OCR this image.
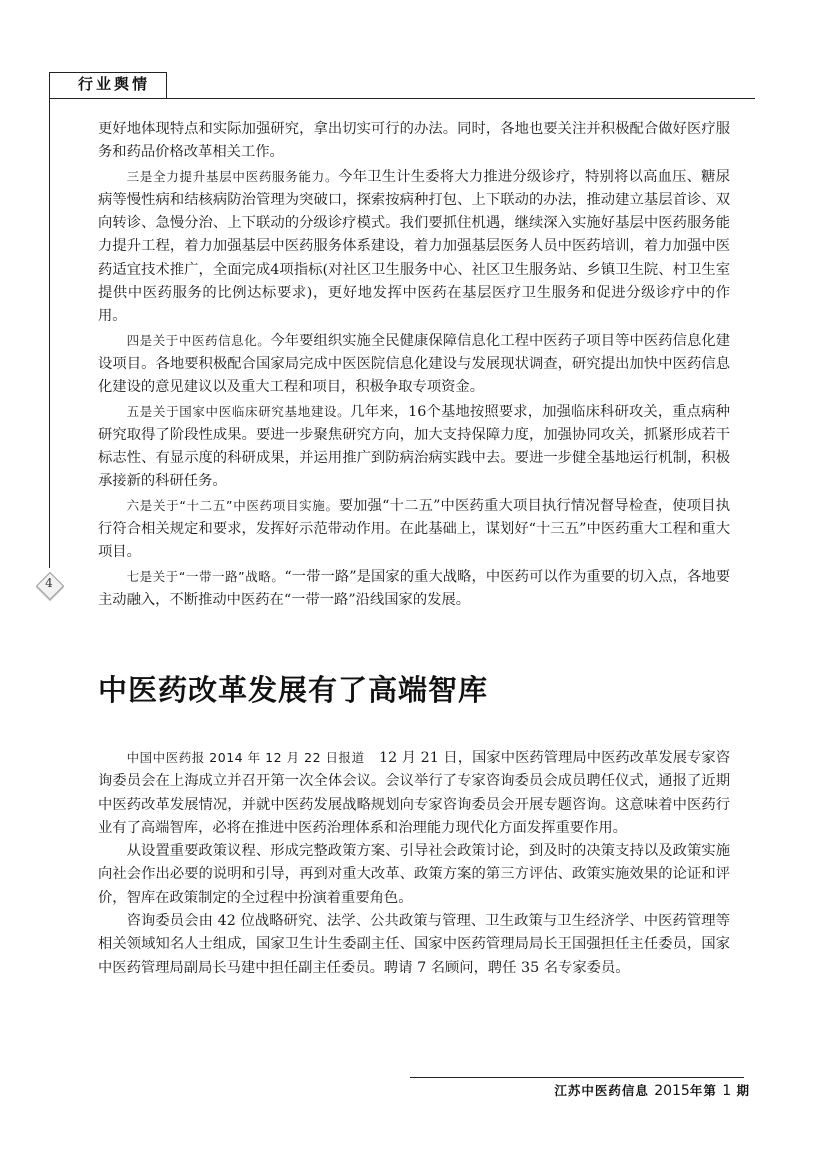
行业舆情
4

更好地体现特点和实际加强研究，拿出切实可行的办法。同时，各地也要关注并积极配合做好医疗服务和药品价格改革相关工作。

三是全力提升基层中医药服务能力。今年卫生计生委将大力推进分级诊疗，特别将以高血压、糖尿病等慢性病和结核病防治管理为突破口，探索按病种打包、上下联动的办法，推动建立基层首诊、双向转诊、急慢分治、上下联动的分级诊疗模式。我们要抓住机遇，继续深入实施好基层中医药服务能力提升工程，着力加强基层中医药服务体系建设，着力加强基层医务人员中医药培训，着力加强中医药适宜技术推广，全面完成4项指标(对社区卫生服务中心、社区卫生服务站、乡镇卫生院、村卫生室提供中医药服务的比例达标要求)，更好地发挥中医药在基层医疗卫生服务和促进分级诊疗中的作用。

四是关于中医药信息化。今年要组织实施全民健康保障信息化工程中医药子项目等中医药信息化建设项目。各地要积极配合国家局完成中医医院信息化建设与发展现状调查，研究提出加快中医药信息化建设的意见建议以及重大工程和项目，积极争取专项资金。

五是关于国家中医临床研究基地建设。几年来，16个基地按照要求，加强临床科研攻关，重点病种研究取得了阶段性成果。要进一步聚焦研究方向，加大支持保障力度，加强协同攻关，抓紧形成若干标志性、有显示度的科研成果，并运用推广到防病治病实践中去。要进一步健全基地运行机制，积极承接新的科研任务。

六是关于“十二五”中医药项目实施。要加强“十二五”中医药重大项目执行情况督导检查，使项目执行符合相关规定和要求，发挥好示范带动作用。在此基础上，谋划好“十三五”中医药重大工程和重大项目。

七是关于“一带一路”战略。“一带一路”是国家的重大战略，中医药可以作为重要的切入点，各地要主动融入，不断推动中医药在“一带一路”沿线国家的发展。

中医药改革发展有了高端智库

中国中医药报 2014 年 12 月 22 日报道　 12 月 21 日，国家中医药管理局中医药改革发展专家咨询委员会在上海成立并召开第一次全体会议。会议举行了专家咨询委员会成员聘任仪式，通报了近期中医药改革发展情况，并就中医药发展战略规划向专家咨询委员会开展专题咨询。这意味着中医药行业有了高端智库，必将在推进中医药治理体系和治理能力现代化方面发挥重要作用。

从设置重要政策议程、形成完整政策方案、引导社会政策讨论，到及时的决策支持以及政策实施向社会作出必要的说明和引导，再到对重大改革、政策方案的第三方评估、政策实施效果的论证和评价，智库在政策制定的全过程中扮演着重要角色。

咨询委员会由 42 位战略研究、法学、公共政策与管理、卫生政策与卫生经济学、中医药管理等相关领域知名人士组成，国家卫生计生委副主任、国家中医药管理局局长王国强担任主任委员，国家中医药管理局副局长马建中担任副主任委员。聘请 7 名顾问，聘任 35 名专家委员。

江苏中医药信息 2015年第 1 期
